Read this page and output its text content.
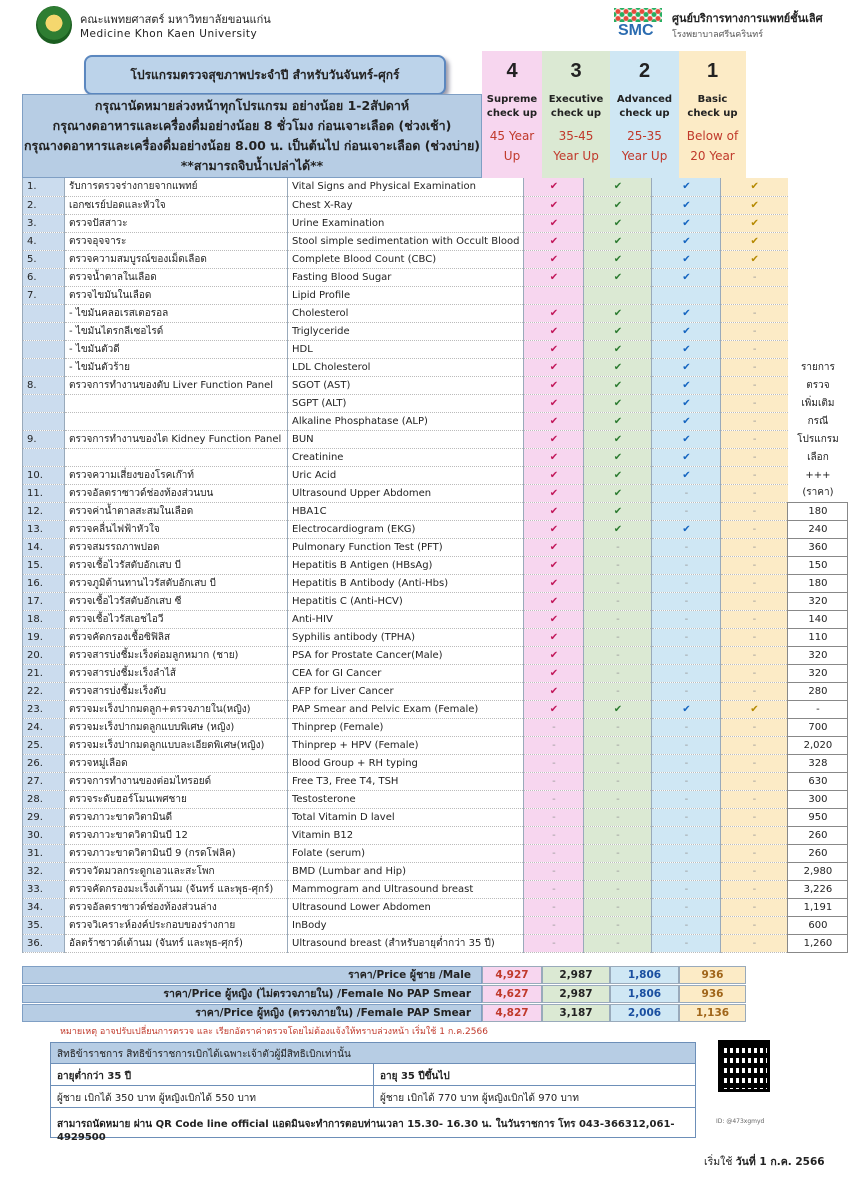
คณะแพทยศาสตร์ มหาวิทยาลัยขอนแก่น
Medicine Khon Kaen University	SMC
ศูนย์บริการทางการแพทย์ชั้นเลิศ
โรงพยาบาลศรีนครินทร์
โปรแกรมตรวจสุขภาพประจำปี สำหรับวันจันทร์-ศุกร์	4	3	2	1
Supreme
check up
Executive
check up
Advanced
check up
Basic
check up
45 Year
Up
35-45
Year Up
25-35
Year Up
Below of
20 Year
กรุณานัดหมายล่วงหน้าทุกโปรแกรม อย่างน้อย 1-2สัปดาห์
กรุณางดอาหารและเครื่องดื่มอย่างน้อย 8 ชั่วโมง ก่อนเจาะเลือด (ช่วงเช้า)
กรุณางดอาหารและเครื่องดื่มอย่างน้อย 8.00 น. เป็นต้นไป ก่อนเจาะเลือด (ช่วงบ่าย)
**สามารถจิบน้ำเปล่าได้**
1.	รับการตรวจร่างกายจากแพทย์	Vital Signs and Physical Examination	✔	✔	✔	✔	
2.	เอกซเรย์ปอดและหัวใจ	Chest X-Ray	✔	✔	✔	✔	
3.	ตรวจปัสสาวะ	Urine Examination	✔	✔	✔	✔	
4.	ตรวจอุจจาระ	Stool simple sedimentation with Occult Blood	✔	✔	✔	✔	
5.	ตรวจความสมบูรณ์ของเม็ดเลือด	Complete Blood Count (CBC)	✔	✔	✔	✔	
6.	ตรวจน้ำตาลในเลือด	Fasting Blood Sugar	✔	✔	✔	-	
7.	ตรวจไขมันในเลือด	Lipid Profile					
	- ไขมันคลอเรสเตอรอล	Cholesterol	✔	✔	✔	-	
	- ไขมันไตรกลีเซอไรด์	Triglyceride	✔	✔	✔	-	
	- ไขมันตัวดี	HDL	✔	✔	✔	-	
	- ไขมันตัวร้าย	LDL Cholesterol	✔	✔	✔	-	รายการ
8.	ตรวจการทำงานของตับ Liver Function Panel	SGOT (AST)	✔	✔	✔	-	ตรวจ
		SGPT (ALT)	✔	✔	✔	-	เพิ่มเติม
		Alkaline Phosphatase (ALP)	✔	✔	✔	-	กรณี
9.	ตรวจการทำงานของไต Kidney Function Panel	BUN	✔	✔	✔	-	โปรแกรม
		Creatinine	✔	✔	✔	-	เลือก
10.	ตรวจความเสี่ยงของโรคเก๊าท์	Uric Acid	✔	✔	✔	-	+++
11.	ตรวจอัลตราซาวด์ช่องท้องส่วนบน	Ultrasound Upper Abdomen	✔	✔	-	-	(ราคา)
12.	ตรวจค่าน้ำตาลสะสมในเลือด	HBA1C	✔	✔	-	-	180
13.	ตรวจคลื่นไฟฟ้าหัวใจ	Electrocardiogram (EKG)	✔	✔	✔	-	240
14.	ตรวจสมรรถภาพปอด	Pulmonary Function Test (PFT)	✔	-	-	-	360
15.	ตรวจเชื้อไวรัสตับอักเสบ บี	Hepatitis B Antigen (HBsAg)	✔	-	-	-	150
16.	ตรวจภูมิต้านทานไวรัสตับอักเสบ บี	Hepatitis B Antibody (Anti-Hbs)	✔	-	-	-	180
17.	ตรวจเชื้อไวรัสตับอักเสบ ซี	Hepatitis C (Anti-HCV)	✔	-	-	-	320
18.	ตรวจเชื้อไวรัสเอชไอวี	Anti-HIV	✔	-	-	-	140
19.	ตรวจคัดกรองเชื้อซิฟิลิส	Syphilis antibody (TPHA)	✔	-	-	-	110
20.	ตรวจสารบ่งชี้มะเร็งต่อมลูกหมาก (ชาย)	PSA for Prostate Cancer(Male)	✔	-	-	-	320
21.	ตรวจสารบ่งชี้มะเร็งลำไส้	CEA for GI Cancer	✔	-	-	-	320
22.	ตรวจสารบ่งชี้มะเร็งตับ	AFP for Liver Cancer	✔	-	-	-	280
23.	ตรวจมะเร็งปากมดลูก+ตรวจภายใน(หญิง)	PAP Smear and Pelvic Exam (Female)	✔	✔	✔	✔	-
24.	ตรวจมะเร็งปากมดลูกแบบพิเศษ (หญิง)	Thinprep (Female)	-	-	-	-	700
25.	ตรวจมะเร็งปากมดลูกแบบละเอียดพิเศษ(หญิง)	Thinprep + HPV (Female)	-	-	-	-	2,020
26.	ตรวจหมู่เลือด	Blood Group + RH typing	-	-	-	-	328
27.	ตรวจการทำงานของต่อมไทรอยด์	Free T3, Free T4, TSH	-	-	-	-	630
28.	ตรวจระดับฮอร์โมนเพศชาย	Testosterone	-	-	-	-	300
29.	ตรวจภาวะขาดวิตามินดี	Total Vitamin D lavel	-	-	-	-	950
30.	ตรวจภาวะขาดวิตามินบี 12	Vitamin B12	-	-	-	-	260
31.	ตรวจภาวะขาดวิตามินบี 9 (กรดโฟลิค)	Folate (serum)	-	-	-	-	260
32.	ตรวจวัดมวลกระดูกเอวและสะโพก	BMD (Lumbar and Hip)	-	-	-	-	2,980
33.	ตรวจคัดกรองมะเร็งเต้านม (จันทร์ และพุธ-ศุกร์)	Mammogram and Ultrasound breast	-	-	-	-	3,226
34.	ตรวจอัลตราซาวด์ช่องท้องส่วนล่าง	Ultrasound Lower Abdomen	-	-	-	-	1,191
35.	ตรวจวิเคราะห์องค์ประกอบของร่างกาย	InBody	-	-	-	-	600
36.	อัลตร้าซาวด์เต้านม (จันทร์ และพุธ-ศุกร์)	Ultrasound breast (สำหรับอายุต่ำกว่า 35 ปี)	-	-	-	-	1,260
ราคา/Price ผู้ชาย /Male	4,927	2,987	1,806	936
ราคา/Price ผู้หญิง (ไม่ตรวจภายใน) /Female No PAP Smear	4,627	2,987	1,806	936
ราคา/Price ผู้หญิง (ตรวจภายใน) /Female PAP Smear	4,827	3,187	2,006	1,136
หมายเหตุ อาจปรับเปลี่ยนการตรวจ และ เรียกอัตราค่าตรวจโดยไม่ต้องแจ้งให้ทราบล่วงหน้า เริ่มใช้ 1 ก.ค.2566
สิทธิข้าราชการ สิทธิข้าราชการเบิกได้เฉพาะเจ้าตัวผู้มีสิทธิเบิกเท่านั้น
อายุต่ำกว่า 35 ปี	อายุ 35 ปีขึ้นไป
ผู้ชาย เบิกได้ 350 บาท ผู้หญิงเบิกได้ 550 บาท	ผู้ชาย เบิกได้ 770 บาท ผู้หญิงเบิกได้ 970 บาท
สามารถนัดหมาย ผ่าน QR Code line official แอดมินจะทำการตอบท่านเวลา 15.30- 16.30 น. ในวันราชการ โทร 043-366312,061-4929500
ID: @473xgmyd
เริ่มใช้ วันที่ 1 ก.ค. 2566
